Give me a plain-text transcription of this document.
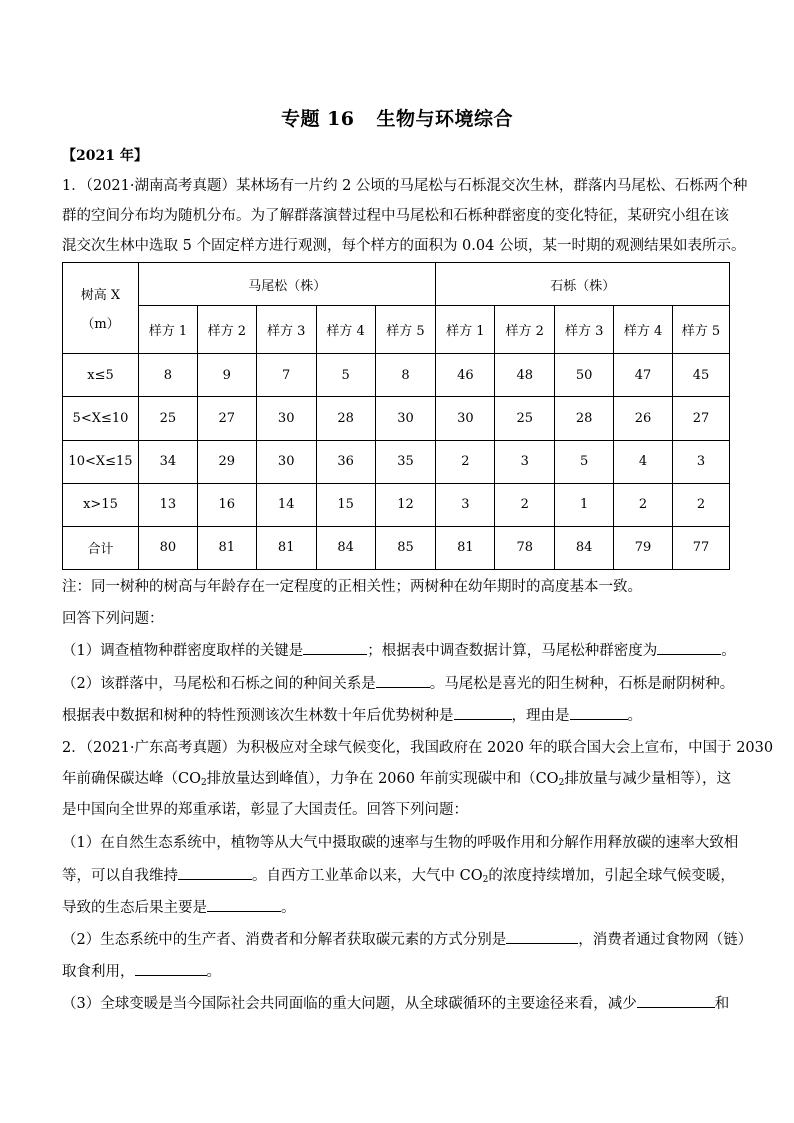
专题 16 生物与环境综合
【2021 年】
1．（2021·湖南高考真题）某林场有一片约 2 公顷的马尾松与石栎混交次生林，群落内马尾松、石栎两个种
群的空间分布均为随机分布。为了解群落演替过程中马尾松和石栎种群密度的变化特征，某研究小组在该
混交次生林中选取 5 个固定样方进行观测，每个样方的面积为 0.04 公顷，某一时期的观测结果如表所示。
树高 X
（m）	马尾松（株）					石栎（株）				
	样方 1	样方 2	样方 3	样方 4	样方 5	样方 1	样方 2	样方 3	样方 4	样方 5
x≤5	8	9	7	5	8	46	48	50	47	45
5<X≤10	25	27	30	28	30	30	25	28	26	27
10<X≤15	34	29	30	36	35	2	3	5	4	3
x>15	13	16	14	15	12	3	2	1	2	2
合计	80	81	81	84	85	81	78	84	79	77
注：同一树种的树高与年龄存在一定程度的正相关性；两树种在幼年期时的高度基本一致。
回答下列问题：
（1）调查植物种群密度取样的关键是	；根据表中调查数据计算，马尾松种群密度为	。
（2）该群落中，马尾松和石栎之间的种间关系是	。马尾松是喜光的阳生树种，石栎是耐阴树种。
根据表中数据和树种的特性预测该次生林数十年后优势树种是	，理由是	。
2．（2021·广东高考真题）为积极应对全球气候变化，我国政府在 2020 年的联合国大会上宣布，中国于 2030
年前确保碳达峰（$CO_2$排放量达到峰值），力争在 2060 年前实现碳中和（$CO_2$排放量与减少量相等），这
是中国向全世界的郑重承诺，彰显了大国责任。回答下列问题：
（1）在自然生态系统中，植物等从大气中摄取碳的速率与生物的呼吸作用和分解作用释放碳的速率大致相
等，可以自我维持	。自西方工业革命以来，大气中 $CO_2$的浓度持续增加，引起全球气候变暖，
导致的生态后果主要是	。
（2）生态系统中的生产者、消费者和分解者获取碳元素的方式分别是	，消费者通过食物网（链）
取食利用，	。
（3）全球变暖是当今国际社会共同面临的重大问题，从全球碳循环的主要途径来看，减少	和
